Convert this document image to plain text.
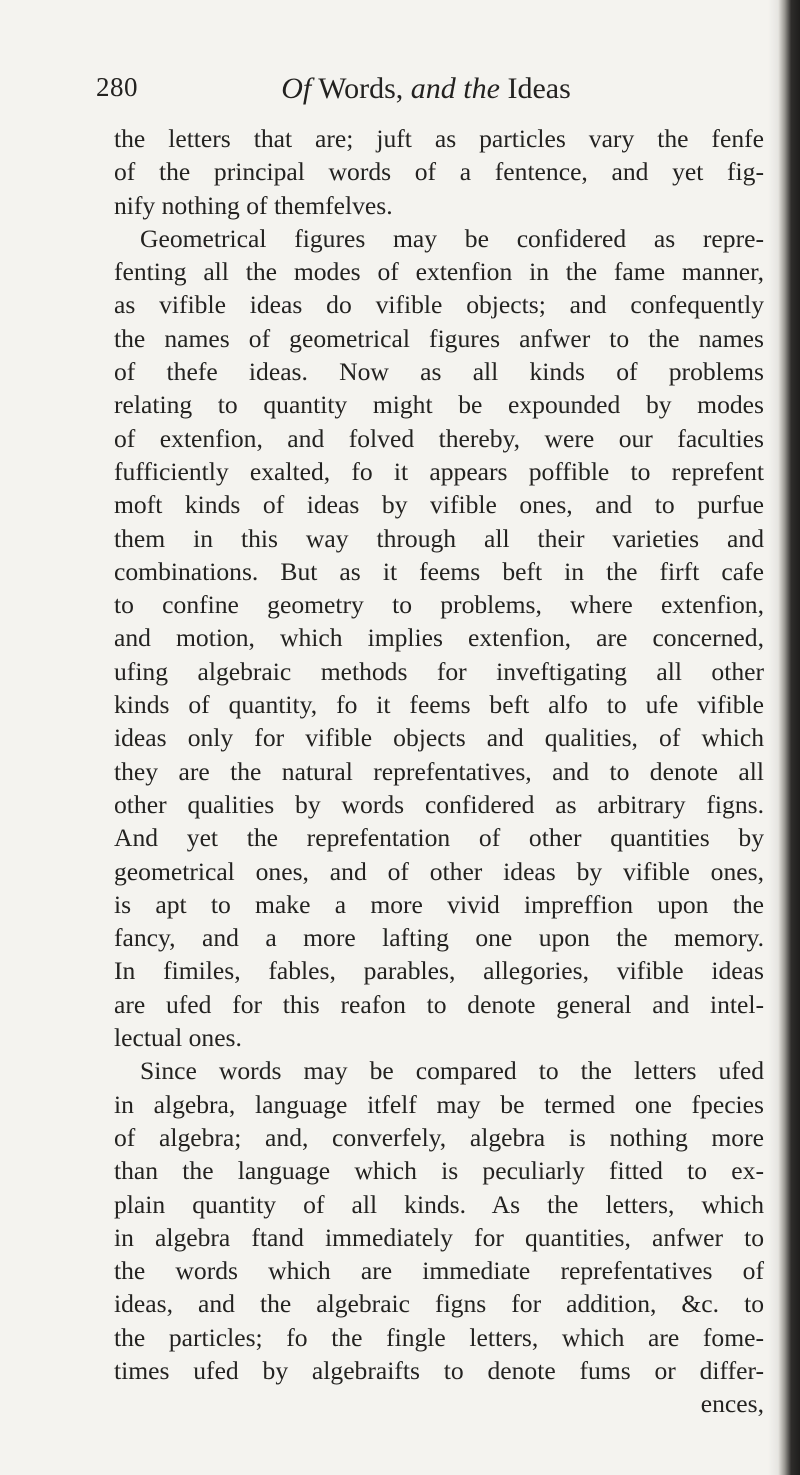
280	Of Words, and the Ideas
the letters that are; juft as particles vary the fenfe
of the principal words of a fentence, and yet fig-
nify nothing of themfelves.
Geometrical figures may be confidered as repre-
fenting all the modes of extenfion in the fame manner,
as vifible ideas do vifible objects; and confequently
the names of geometrical figures anfwer to the names
of thefe ideas. Now as all kinds of problems
relating to quantity might be expounded by modes
of extenfion, and folved thereby, were our faculties
fufficiently exalted, fo it appears poffible to reprefent
moft kinds of ideas by vifible ones, and to purfue
them in this way through all their varieties and
combinations. But as it feems beft in the firft cafe
to confine geometry to problems, where extenfion,
and motion, which implies extenfion, are concerned,
ufing algebraic methods for inveftigating all other
kinds of quantity, fo it feems beft alfo to ufe vifible
ideas only for vifible objects and qualities, of which
they are the natural reprefentatives, and to denote all
other qualities by words confidered as arbitrary figns.
And yet the reprefentation of other quantities by
geometrical ones, and of other ideas by vifible ones,
is apt to make a more vivid impreffion upon the
fancy, and a more lafting one upon the memory.
In fimiles, fables, parables, allegories, vifible ideas
are ufed for this reafon to denote general and intel-
lectual ones.
Since words may be compared to the letters ufed
in algebra, language itfelf may be termed one fpecies
of algebra; and, converfely, algebra is nothing more
than the language which is peculiarly fitted to ex-
plain quantity of all kinds. As the letters, which
in algebra ftand immediately for quantities, anfwer to
the words which are immediate reprefentatives of
ideas, and the algebraic figns for addition, &c. to
the particles; fo the fingle letters, which are fome-
times ufed by algebraifts to denote fums or differ-
ences,
